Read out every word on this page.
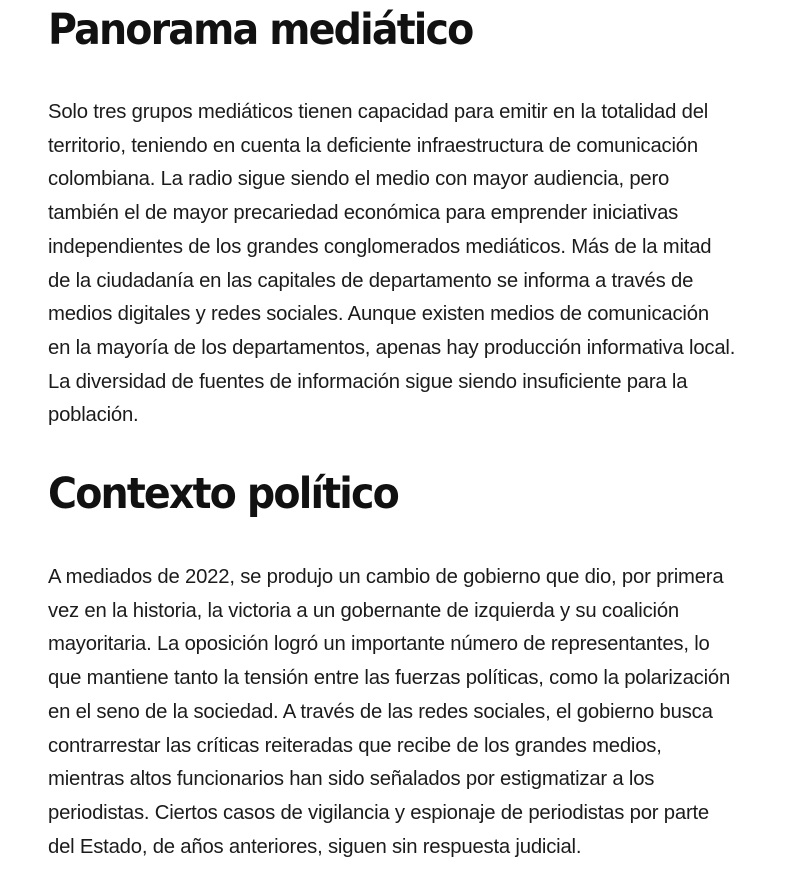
Panorama mediático

Solo tres grupos mediáticos tienen capacidad para emitir en la totalidad del
territorio, teniendo en cuenta la deficiente infraestructura de comunicación
colombiana. La radio sigue siendo el medio con mayor audiencia, pero
también el de mayor precariedad económica para emprender iniciativas
independientes de los grandes conglomerados mediáticos. Más de la mitad
de la ciudadanía en las capitales de departamento se informa a través de
medios digitales y redes sociales. Aunque existen medios de comunicación
en la mayoría de los departamentos, apenas hay producción informativa local.
La diversidad de fuentes de información sigue siendo insuficiente para la
población.

Contexto político

A mediados de 2022, se produjo un cambio de gobierno que dio, por primera
vez en la historia, la victoria a un gobernante de izquierda y su coalición
mayoritaria. La oposición logró un importante número de representantes, lo
que mantiene tanto la tensión entre las fuerzas políticas, como la polarización
en el seno de la sociedad. A través de las redes sociales, el gobierno busca
contrarrestar las críticas reiteradas que recibe de los grandes medios,
mientras altos funcionarios han sido señalados por estigmatizar a los
periodistas. Ciertos casos de vigilancia y espionaje de periodistas por parte
del Estado, de años anteriores, siguen sin respuesta judicial.
